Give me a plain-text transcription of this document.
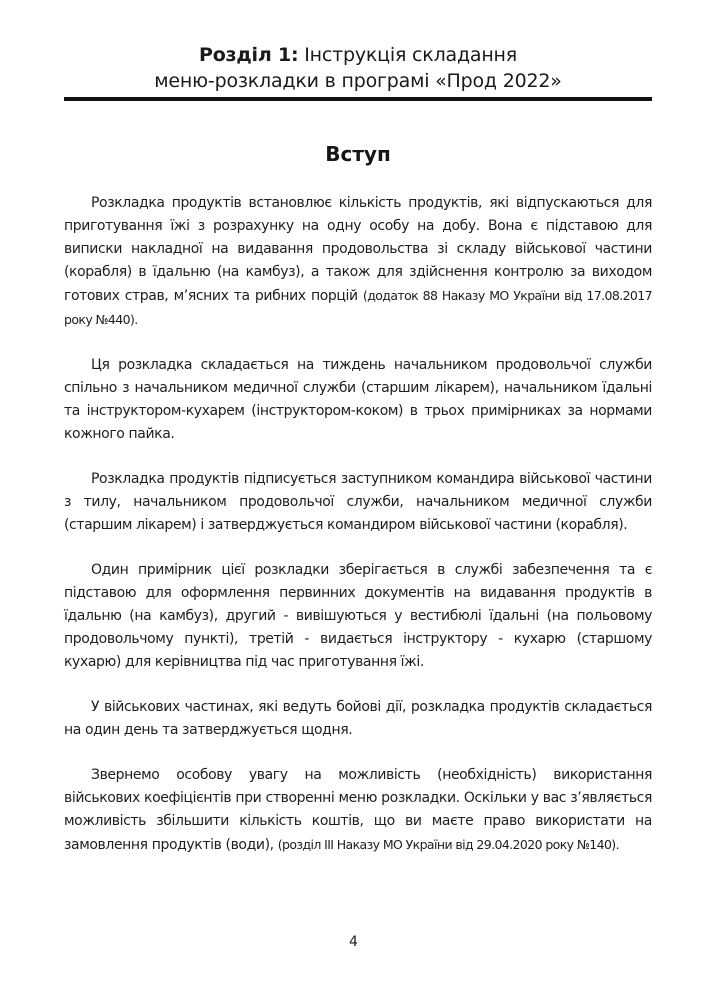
Розділ 1: Інструкція складання
меню-розкладки в програмі «Прод 2022»
Вступ

Розкладка продуктів встановлює кількість продуктів, які відпускаються для приготування їжі з розрахунку на одну особу на добу. Вона є підставою для виписки накладної на видавання продовольства зі складу військової частини (корабля) в їдальню (на камбуз), а також для здійснення контролю за виходом готових страв, м’ясних та рибних порцій (додаток 88 Наказу МО України від 17.08.2017 року №440).

Ця розкладка складається на тиждень начальником продовольчої служби спільно з начальником медичної служби (старшим лікарем), начальником їдальні та інструктором-кухарем (інструктором-коком) в трьох примірниках за нормами кожного пайка.

Розкладка продуктів підписується заступником командира військової частини з тилу, начальником продовольчої служби, начальником медичної служби (старшим лікарем) і затверджується командиром військової частини (корабля).

Один примірник цієї розкладки зберігається в службі забезпечення та є підставою для оформлення первинних документів на видавання продуктів в їдальню (на камбуз), другий - вивішуються у вестибюлі їдальні (на польовому продовольчому пункті), третій - видається інструктору - кухарю (старшому кухарю) для керівництва під час приготування їжі.

У військових частинах, які ведуть бойові дії, розкладка продуктів складається на один день та затверджується щодня.

Звернемо особову увагу на можливість (необхідність) використання військових коефіцієнтів при створенні меню розкладки. Оскільки у вас з’являється можливість збільшити кількість коштів, що ви маєте право використати на замовлення продуктів (води), (розділ III Наказу МО України від 29.04.2020 року №140).

4
